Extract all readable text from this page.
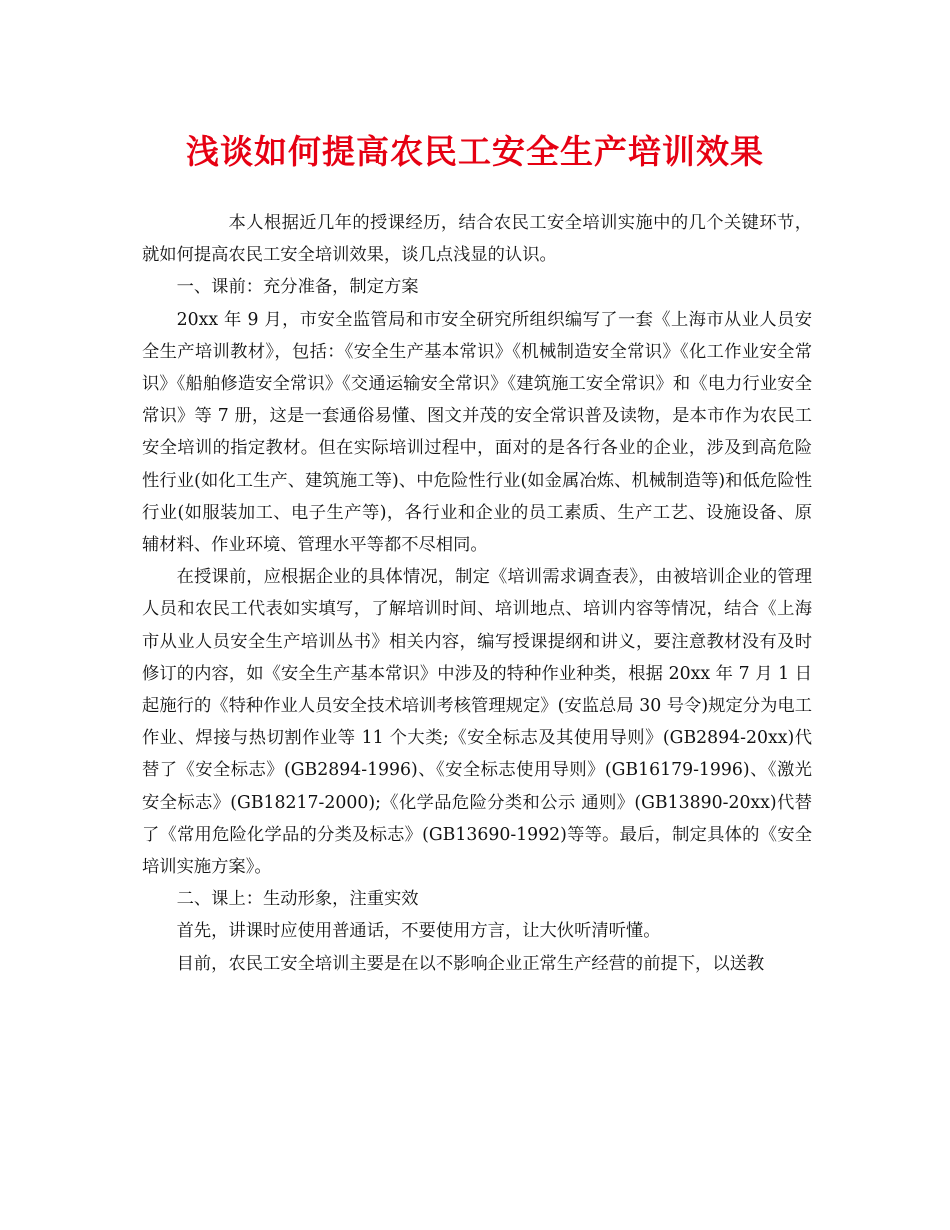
浅谈如何提高农民工安全生产培训效果

本人根据近几年的授课经历，结合农民工安全培训实施中的几个关键环节，就如何提高农民工安全培训效果，谈几点浅显的认识。

一、课前：充分准备，制定方案

20xx 年 9 月，市安全监管局和市安全研究所组织编写了一套《上海市从业人员安全生产培训教材》，包括：《安全生产基本常识》《机械制造安全常识》《化工作业安全常识》《船舶修造安全常识》《交通运输安全常识》《建筑施工安全常识》和《电力行业安全常识》等 7 册，这是一套通俗易懂、图文并茂的安全常识普及读物，是本市作为农民工安全培训的指定教材。但在实际培训过程中，面对的是各行各业的企业，涉及到高危险性行业(如化工生产、建筑施工等)、中危险性行业(如金属冶炼、机械制造等)和低危险性行业(如服装加工、电子生产等)，各行业和企业的员工素质、生产工艺、设施设备、原辅材料、作业环境、管理水平等都不尽相同。

在授课前，应根据企业的具体情况，制定《培训需求调查表》，由被培训企业的管理人员和农民工代表如实填写，了解培训时间、培训地点、培训内容等情况，结合《上海市从业人员安全生产培训丛书》相关内容，编写授课提纲和讲义，要注意教材没有及时修订的内容，如《安全生产基本常识》中涉及的特种作业种类，根据 20xx 年 7 月 1 日起施行的《特种作业人员安全技术培训考核管理规定》(安监总局 30 号令)规定分为电工作业、焊接与热切割作业等 11 个大类;《安全标志及其使用导则》(GB2894-20xx)代替了《安全标志》(GB2894-1996)、《安全标志使用导则》(GB16179-1996)、《激光安全标志》(GB18217-2000);《化学品危险分类和公示 通则》(GB13890-20xx)代替了《常用危险化学品的分类及标志》(GB13690-1992)等等。最后，制定具体的《安全培训实施方案》。

二、课上：生动形象，注重实效

首先，讲课时应使用普通话，不要使用方言，让大伙听清听懂。

目前，农民工安全培训主要是在以不影响企业正常生产经营的前提下，以送教
